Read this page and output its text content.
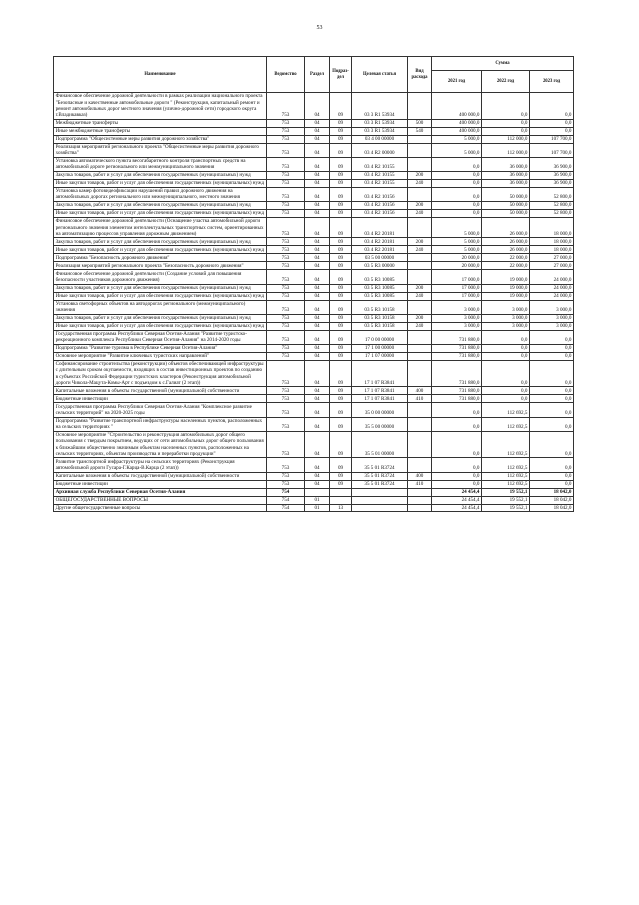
53
Наименование	Ведомство	Раздел	Подраз-дел	Целевая статья	Вид расхода	Сумма		
						2021 год	2022 год	2023 год
Финансовое обеспечение дорожной деятельности в рамках реализации национального проекта "Безопасные и качественные автомобильные дороги " (Реконструкция, капитальный ремонт и ремонт автомобильных дорог местного значения (улично-дорожной сети) городского округа г.Владикавказ)	753	04	09	03 3 R1 53934		400 000,0	0,0	0,0
Межбюджетные трансферты	753	04	09	03 3 R1 53934	500	400 000,0	0,0	0,0
Иные межбюджетные трансферты	753	04	09	03 3 R1 53934	540	400 000,0	0,0	0,0
Подпрограмма "Общесистемные меры развития дорожного хозяйства"	753	04	09	03 4 00 00000		5 000,0	112 000,0	107 700,0
Реализация мероприятий регионального проекта "Общесистемные меры развития дорожного хозяйства"	753	04	09	03 4 R2 00000		5 000,0	112 000,0	107 700,0
Установка автоматического пункта весогабаритного контроля транспортных средств на автомобильной дороге регионального или межмуниципального значения	753	04	09	03 4 R2 10155		0,0	36 000,0	36 900,0
Закупка товаров, работ и услуг для обеспечения государственных (муниципальных) нужд	753	04	09	03 4 R2 10155	200	0,0	36 000,0	36 900,0
Иные закупки товаров, работ и услуг для обеспечения государственных (муниципальных) нужд	753	04	09	03 4 R2 10155	240	0,0	36 000,0	36 900,0
Установка камер фотовидеофиксации нарушений правил дорожного движения на автомобильных дорогах регионального или межмуниципального, местного значения	753	04	09	03 4 R2 10156		0,0	50 000,0	52 800,0
Закупка товаров, работ и услуг для обеспечения государственных (муниципальных) нужд	753	04	09	03 4 R2 10156	200	0,0	50 000,0	52 800,0
Иные закупки товаров, работ и услуг для обеспечения государственных (муниципальных) нужд	753	04	09	03 4 R2 10156	240	0,0	50 000,0	52 800,0
Финансовое обеспечение дорожной деятельности (Оснащение участка автомобильной дороги регионального значения элементом интеллектуальных транспортных систем, ориентированных на автоматизацию процессов управления дорожным движением)	753	04	09	03 4 R2 20181		5 000,0	26 000,0	18 000,0
Закупка товаров, работ и услуг для обеспечения государственных (муниципальных) нужд	753	04	09	03 4 R2 20181	200	5 000,0	26 000,0	18 000,0
Иные закупки товаров, работ и услуг для обеспечения государственных (муниципальных) нужд	753	04	09	03 4 R2 20181	240	5 000,0	26 000,0	18 000,0
Подпрограмма "Безопасность дорожного движения"	753	04	09	03 5 00 00000		20 000,0	22 000,0	27 000,0
Реализация мероприятий регионального проекта "Безопасность дорожного движения"	753	04	09	03 5 R3 00000		20 000,0	22 000,0	27 000,0
Финансовое обеспечение дорожной деятельности (Создание условий для повышения безопасности участников дорожного движения)	753	04	09	03 5 R3 10085		17 000,0	19 000,0	24 000,0
Закупка товаров, работ и услуг для обеспечения государственных (муниципальных) нужд	753	04	09	03 5 R3 10085	200	17 000,0	19 000,0	24 000,0
Иные закупки товаров, работ и услуг для обеспечения государственных (муниципальных) нужд	753	04	09	03 5 R3 10085	240	17 000,0	19 000,0	24 000,0
Установка светофорных объектов на автодорогах регионального (межмуниципального) значения	753	04	09	03 5 R3 10158		3 000,0	3 000,0	3 000,0
Закупка товаров, работ и услуг для обеспечения государственных (муниципальных) нужд	753	04	09	03 5 R3 10158	200	3 000,0	3 000,0	3 000,0
Иные закупки товаров, работ и услуг для обеспечения государственных (муниципальных) нужд	753	04	09	03 5 R3 10158	240	3 000,0	3 000,0	3 000,0
Государственная программа Республики Северная Осетия-Алания "Развитие туристско-рекреационного комплекса Республики Северная Осетия-Алания" на 2014-2020 годы	753	04	09	17 0 00 00000		731 880,0	0,0	0,0
Подпрограмма "Развитие туризма в Республике Северная Осетия-Алания"	753	04	09	17 1 00 00000		731 880,0	0,0	0,0
Основное мероприятие "Развитие ключевых туристских направлений"	753	04	09	17 1 07 00000		731 880,0	0,0	0,0
Софинансирование строительства (реконструкции) объектов обеспечивающей инфраструктуры с длительным сроком окупаемости, входящих в состав инвестиционных проектов по созданию в субъектах Российской Федерации туристских кластеров (Реконструкция автомобильной дороги Чикола-Мацута-Комы-Арт с подъездом к с.Галиат (2 этап))	753	04	09	17 1 07 R3841		731 880,0	0,0	0,0
Капитальные вложения в объекты государственной (муниципальной) собственности	753	04	09	17 1 07 R3841	400	731 880,0	0,0	0,0
Бюджетные инвестиции	753	04	09	17 1 07 R3841	410	731 880,0	0,0	0,0
Государственная программа Республики Северная Осетия-Алания "Комплексное развитие сельских территорий" на 2020-2025 годы	753	04	09	35 0 00 00000		0,0	112 692,5	0,0
Подпрограмма "Развитие транспортной инфраструктуры населенных пунктов, расположенных на сельских территориях "	753	04	09	35 5 00 00000		0,0	112 692,5	0,0
Основное мероприятие "Строительство и реконструкция автомобильных дорог общего пользования с твердым покрытием, ведущих от сети автомобильных дорог общего пользования к ближайшим общественно значимым объектам населенных пунктов, расположенных на сельских территориях, объектам производства и переработки продукции"	753	04	09	35 5 01 00000		0,0	112 692,5	0,0
Развитие транспортной инфраструктуры на сельских территориях (Реконструкция автомобильной дороги Гусара-Г.Карца-В.Карца (2 этап))	753	04	09	35 5 01 R3724		0,0	112 692,5	0,0
Капитальные вложения в объекты государственной (муниципальной) собственности	753	04	09	35 5 01 R3724	400	0,0	112 692,5	0,0
Бюджетные инвестиции	753	04	09	35 5 01 R3724	410	0,0	112 692,5	0,0
Архивная служба Республики Северная Осетия-Алания	754					24 454,4	19 552,1	18 042,0
ОБЩЕГОСУДАРСТВЕННЫЕ ВОПРОСЫ	754	01				24 454,4	19 552,1	18 042,0
Другие общегосударственные вопросы	754	01	13			24 454,4	19 552,1	18 042,0
